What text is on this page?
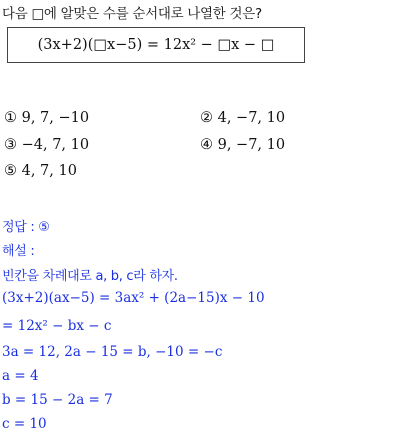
다음 □에 알맞은 수를 순서대로 나열한 것은?
(3x+2)(□x−5) = 12x² − □x − □
① 9, 7, −10	② 4, −7, 10
③ −4, 7, 10	④ 9, −7, 10
⑤ 4, 7, 10
정답 : ⑤
해설 :
빈칸을 차례대로 a, b, c라 하자.
(3x+2)(ax−5) = 3ax² + (2a−15)x − 10
= 12x² − bx − c
3a = 12, 2a − 15 = b, −10 = −c
a = 4
b = 15 − 2a = 7
c = 10
